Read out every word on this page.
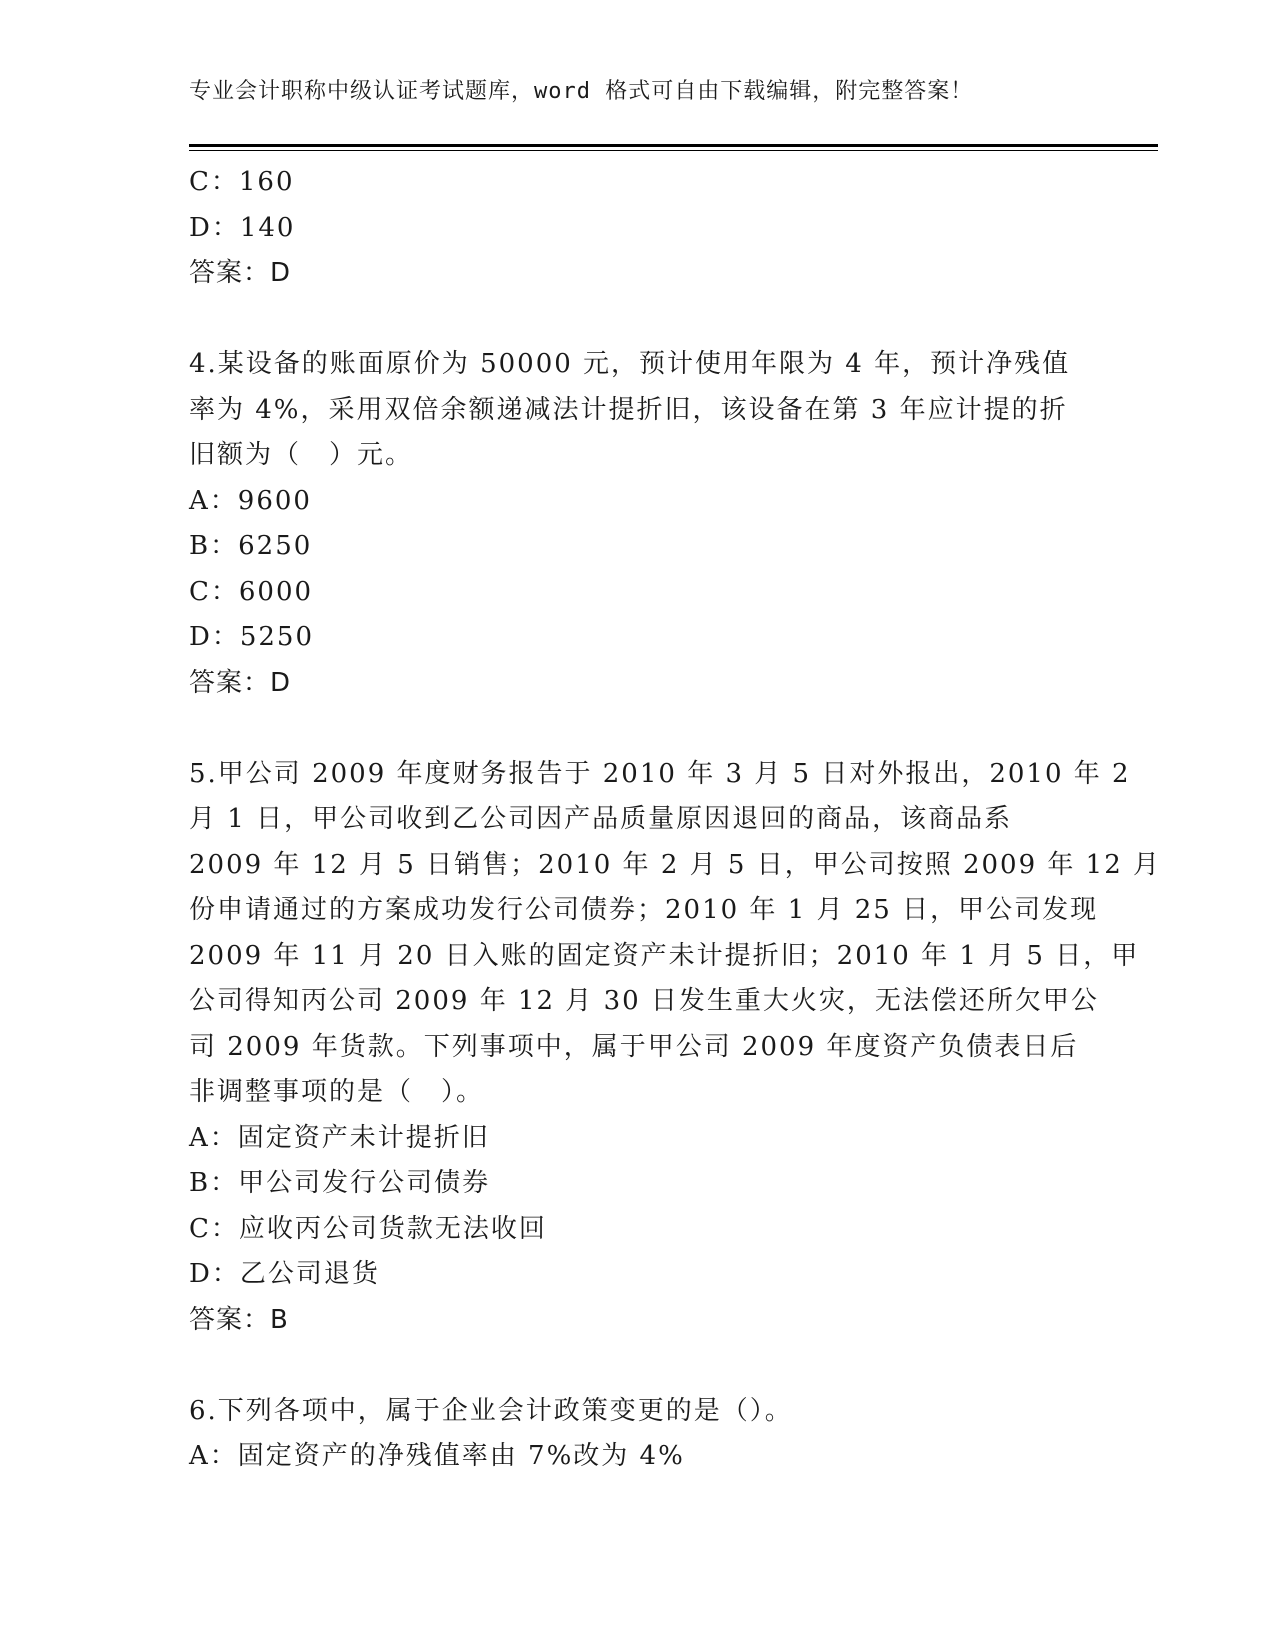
专业会计职称中级认证考试题库，word 格式可自由下载编辑，附完整答案！
C：160
D：140
答案：D
4.某设备的账面原价为 50000 元，预计使用年限为 4 年，预计净残值
率为 4%，采用双倍余额递减法计提折旧，该设备在第 3 年应计提的折
旧额为（　）元。
A：9600
B：6250
C：6000
D：5250
答案：D
5.甲公司 2009 年度财务报告于 2010 年 3 月 5 日对外报出，2010 年 2
月 1 日，甲公司收到乙公司因产品质量原因退回的商品，该商品系
2009 年 12 月 5 日销售；2010 年 2 月 5 日，甲公司按照 2009 年 12 月
份申请通过的方案成功发行公司债券；2010 年 1 月 25 日，甲公司发现
2009 年 11 月 20 日入账的固定资产未计提折旧；2010 年 1 月 5 日，甲
公司得知丙公司 2009 年 12 月 30 日发生重大火灾，无法偿还所欠甲公
司 2009 年货款。下列事项中，属于甲公司 2009 年度资产负债表日后
非调整事项的是（　）。
A：固定资产未计提折旧
B：甲公司发行公司债券
C：应收丙公司货款无法收回
D：乙公司退货
答案：B
6.下列各项中，属于企业会计政策变更的是（）。
A：固定资产的净残值率由 7%改为 4%
